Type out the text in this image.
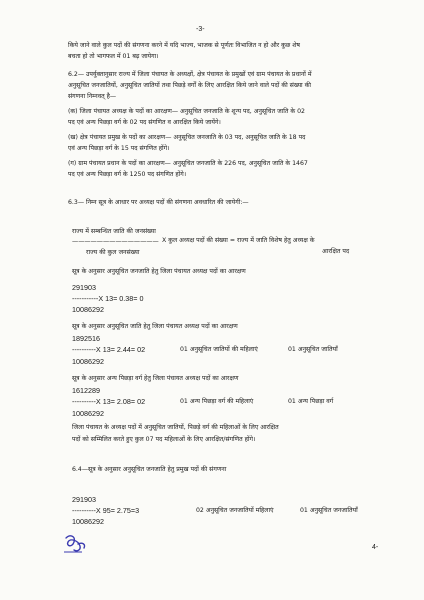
-3-
किये जाने वाले कुल पदों की संगणना करने में यदि भाज्य, भाजक से पूर्णतः विभाजित न हो और कुछ शेष
बचता हो तो भागफल में 01 बढ़ जायेगा।
6.2— उपर्युक्तानुसार राज्य में जिला पंचायत के अध्यक्षों, क्षेत्र पंचायत के प्रमुखों एवं ग्राम पंचायत के प्रधानों में
अनुसूचित जनजातियों, अनुसूचित जातियों तथा पिछड़े वर्गों के लिए आरक्षित किये जाने वाले पदों की संख्या की
संगणना निम्नवत् है—
(क) जिला पंचायत अध्यक्ष के पदों का आरक्षण— अनुसूचित जनजाति के शून्य पद, अनुसूचित जाति के 02
पद एवं अन्य पिछड़ा वर्ग के 02 पद संगणित व आरक्षित किये जायेंगे।
(ख) क्षेत्र पंचायत प्रमुख के पदों का आरक्षण— अनुसूचित जनजाति के 03 पद, अनुसूचित जाति के 18 पद
एवं अन्य पिछड़ा वर्ग के 15 पद संगणित होंगे।
(ग) ग्राम पंचायत प्रधान के पदों का आरक्षण— अनुसूचित जनजाति के 226 पद, अनुसूचित जाति के 1467
पद एवं अन्य पिछड़ा वर्ग के 1250 पद संगणित होंगे।
6.3— निम्न सूत्र के आधार पर अध्यक्ष पदों की संगणना अवधारित की जायेगी:—
राज्य में सम्बन्धित जाति की जनसंख्या
—————————————— X कुल अध्यक्ष पदों की संख्या = राज्य में जाति विशेष हेतु अध्यक्ष के
राज्य की कुल जनसंख्या	आरक्षित पद
सूत्र के अनुसार अनुसूचित जनजाति हेतु जिला पंचायत अध्यक्ष पदों का आरक्षण
291903
-----------X 13= 0.38= 0
10086292
सूत्र के अनुसार अनुसूचित जाति हेतु जिला पंचायत अध्यक्ष पदों का आरक्षण
1892516
----------X 13= 2.44= 02	01 अनुसूचित जातियों की महिलाएं	01 अनुसूचित जातियाँ
10086292
सूत्र के अनुसार अन्य पिछड़ा वर्ग हेतु जिला पंचायत अध्यक्ष पदों का आरक्षण
1612289
----------X 13= 2.08= 02	01 अन्य पिछड़ा वर्ग की महिलाएं	01 अन्य पिछड़ा वर्ग
10086292
जिला पंचायत के अध्यक्ष पदों में अनुसूचित जातियों, पिछड़े वर्ग की महिलाओं के लिए आरक्षित
पदों को सम्मिलित करते हुए कुल 07 पद महिलाओं के लिए आरक्षित/संगणित होंगे।
6.4—सूत्र के अनुसार अनुसूचित जनजाति हेतु प्रमुख पदों की संगणना
291903
----------X 95= 2.75=3	02 अनुसूचित जनजातियों महिलाएं	01 अनुसूचित जनजातियाँ
10086292
4-
